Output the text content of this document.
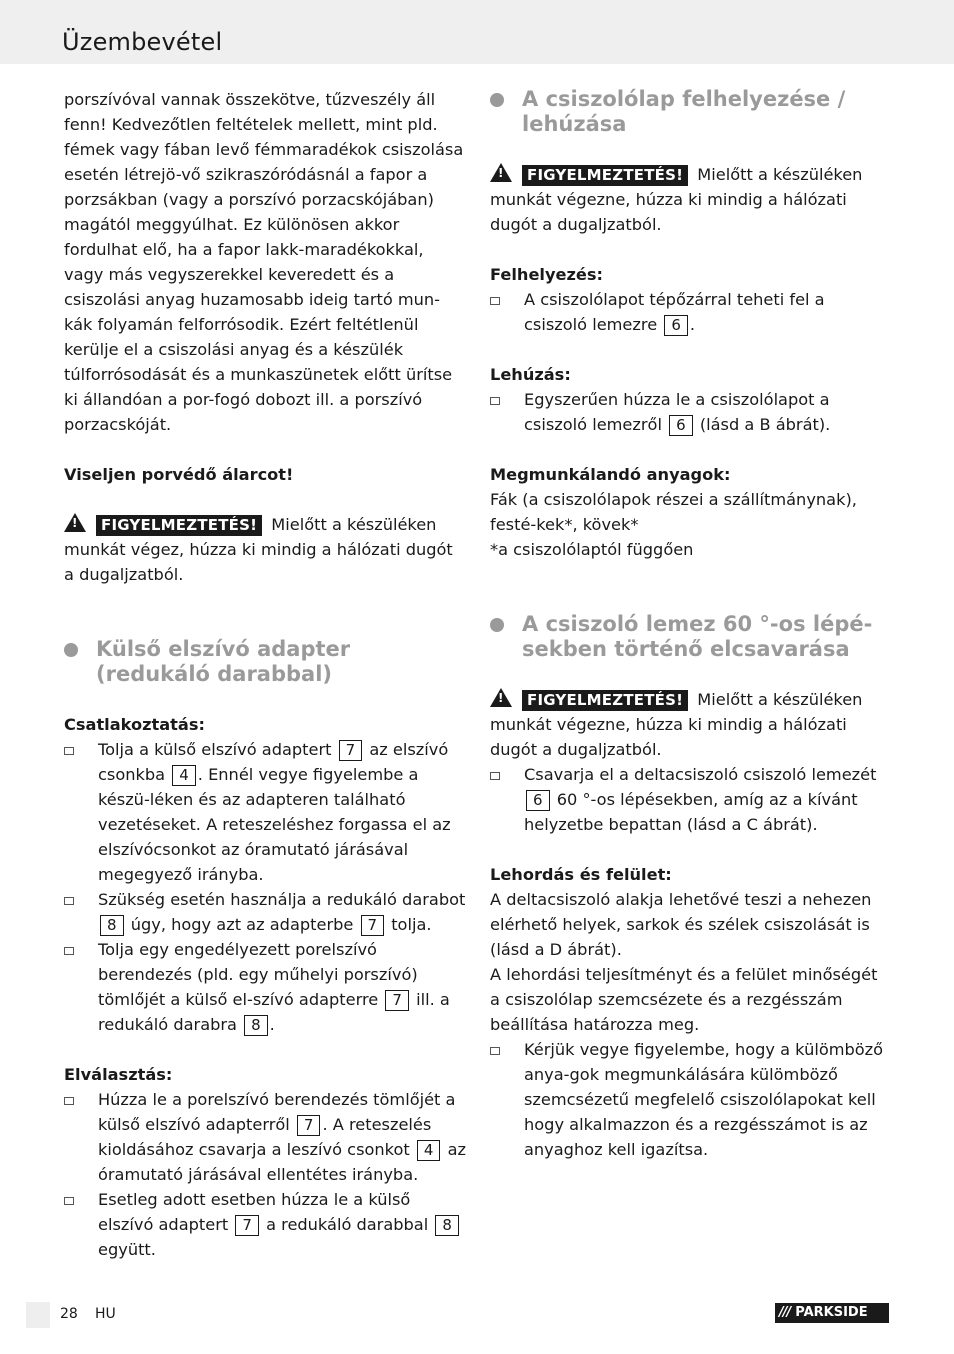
Üzembevétel

porszívóval vannak összekötve, tűzveszély áll fenn! Kedvezőtlen feltételek mellett, mint pld. fémek vagy fában levő fémmaradékok csiszolása esetén létrejö-vő szikraszóródásnál a fapor a porzsákban (vagy a porszívó porzacskójában) magától meggyúlhat. Ez különösen akkor fordulhat elő, ha a fapor lakk-maradékokkal, vagy más vegyszerekkel keveredett és a csiszolási anyag huzamosabb ideig tartó mun-kák folyamán felforrósodik. Ezért feltétlenül kerülje el a csiszolási anyag és a készülék túlforrósodását és a munkaszünetek előtt ürítse ki állandóan a por-fogó dobozt ill. a porszívó porzacskóját.

Viseljen porvédő álarcot!

!FIGYELMEZTETÉS! Mielőtt a készüléken munkát végez, húzza ki mindig a hálózati dugót a dugaljzatból.
Külső elszívó adapter
(redukáló darabbal)

Csatlakoztatás:

Tolja a külső elszívó adaptert 7 az elszívó csonkba 4 . Ennél vegye figyelembe a készü-léken és az adapteren található vezetéseket. A reteszeléshez forgassa el az elszívócsonkot az óramutató járásával megegyező irányba.
Szükség esetén használja a redukáló darabot 8 úgy, hogy azt az adapterbe 7 tolja.
Tolja egy engedélyezett porelszívó berendezés (pld. egy műhelyi porszívó) tömlőjét a külső el-szívó adapterre 7 ill. a redukáló darabra 8 .

Elválasztás:

Húzza le a porelszívó berendezés tömlőjét a külső elszívó adapterről 7 . A reteszelés kioldásához csavarja a leszívó csonkot 4 az óramutató járásával ellentétes irányba.
Esetleg adott esetben húzza le a külső elszívó adaptert 7 a redukáló darabbal 8 együtt.
A csiszolólap felhelyezése /
lehúzása
!FIGYELMEZTETÉS! Mielőtt a készüléken munkát végezne, húzza ki mindig a hálózati dugót a dugaljzatból.

Felhelyezés:

A csiszolólapot tépőzárral teheti fel a csiszoló lemezre 6 .

Lehúzás:

Egyszerűen húzza le a csiszolólapot a csiszoló lemezről 6 (lásd a B ábrát).

Megmunkálandó anyagok:

Fák (a csiszolólapok részei a szállítmánynak), festé-kek*, kövek*

*a csiszolólaptól függően

A csiszoló lemez 60 °-os lépé-
sekben történő elcsavarása
!FIGYELMEZTETÉS! Mielőtt a készüléken munkát végezne, húzza ki mindig a hálózati dugót a dugaljzatból.
Csavarja el a deltacsiszoló csiszoló lemezét 6 60 °-os lépésekben, amíg az a kívánt helyzetbe bepattan (lásd a C ábrát).

Lehordás és felület:

A deltacsiszoló alakja lehetővé teszi a nehezen elérhető helyek, sarkok és szélek csiszolását is (lásd a D ábrát).

A lehordási teljesítményt és a felület minőségét a csiszolólap szemcsézete és a rezgésszám beállítása határozza meg.

Kérjük vegye figyelembe, hogy a külömböző anya-gok megmunkálására külömböző szemcsézetű megfelelő csiszolólapokat kell hogy alkalmazzon és a rezgésszámot is az anyaghoz kell igazítsa.
28 HU	/// PARKSIDE
